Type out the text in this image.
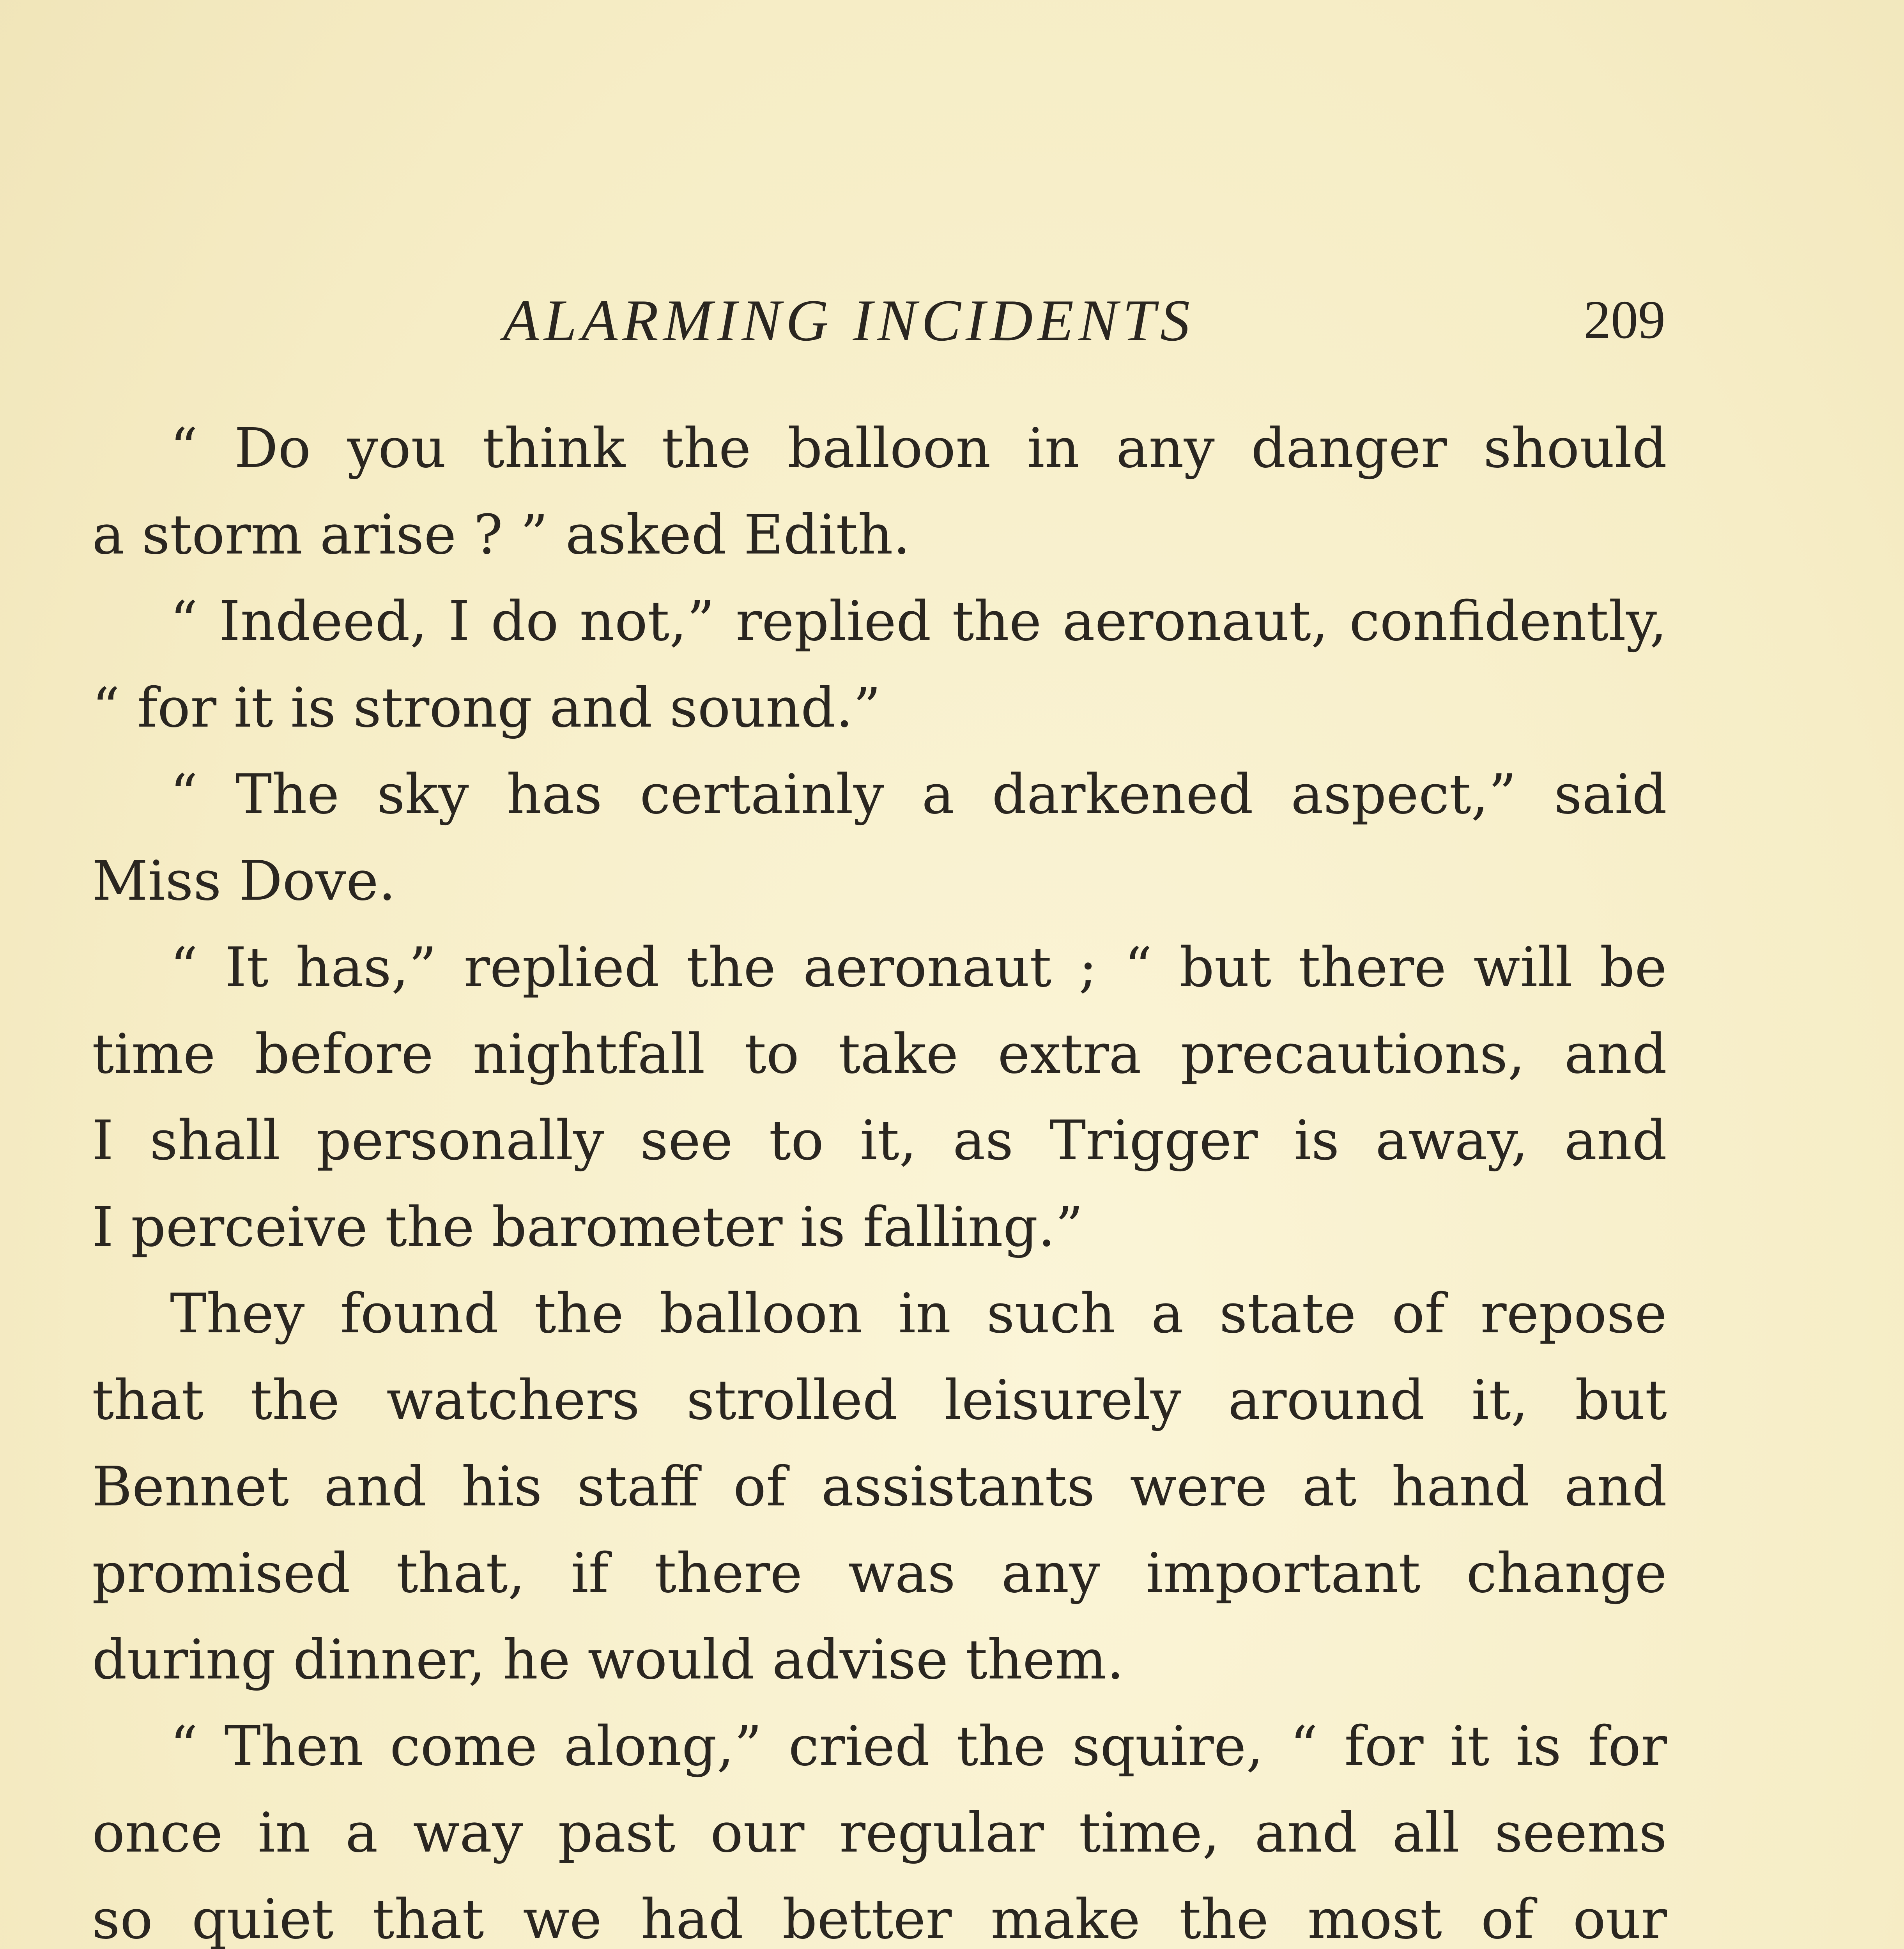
ALARMING INCIDENTS	209
“ Do you think the balloon in any danger should
a storm arise ? ” asked Edith.
“ Indeed, I do not,” replied the aeronaut, confidently,
“ for it is strong and sound.”
“ The sky has certainly a darkened aspect,” said
Miss Dove.
“ It has,” replied the aeronaut ; “ but there will be
time before nightfall to take extra precautions, and
I shall personally see to it, as Trigger is away, and
I perceive the barometer is falling.”
They found the balloon in such a state of repose
that the watchers strolled leisurely around it, but
Bennet and his staff of assistants were at hand and
promised that, if there was any important change
during dinner, he would advise them.
“ Then come along,” cried the squire, “ for it is for
once in a way past our regular time, and all seems
so quiet that we had better make the most of our
